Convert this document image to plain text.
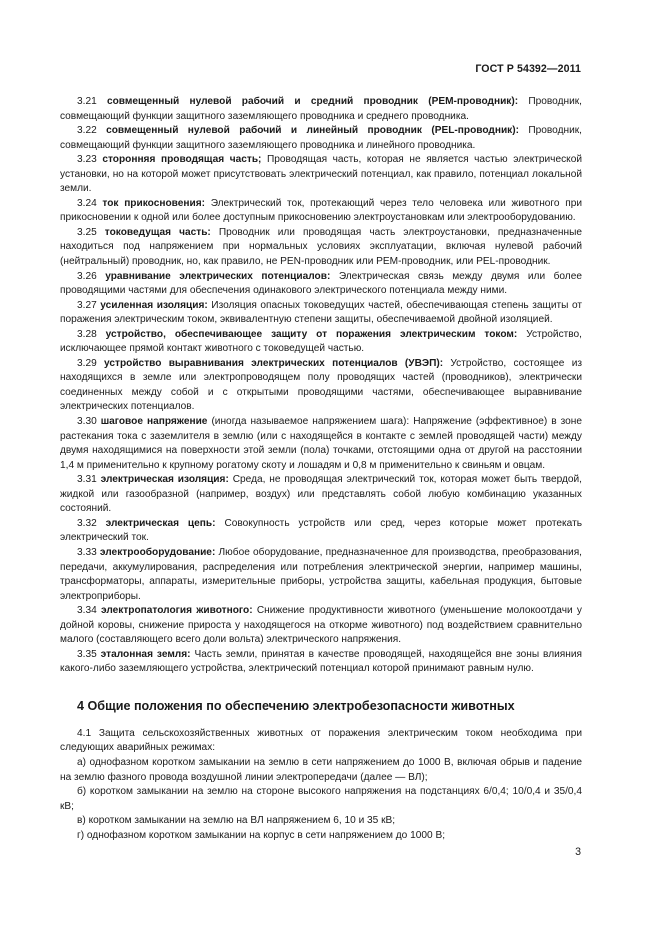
ГОСТ Р 54392—2011

3.21 совмещенный нулевой рабочий и средний проводник (PEM-проводник): Проводник, совмещающий функции защитного заземляющего проводника и среднего проводника.

3.22 совмещенный нулевой рабочий и линейный проводник (PEL-проводник): Проводник, совмещающий функции защитного заземляющего проводника и линейного проводника.

3.23 сторонняя проводящая часть; Проводящая часть, которая не является частью электрической установки, но на которой может присутствовать электрический потенциал, как правило, потенциал локальной земли.

3.24 ток прикосновения: Электрический ток, протекающий через тело человека или животного при прикосновении к одной или более доступным прикосновению электроустановкам или электрооборудованию.

3.25 токоведущая часть: Проводник или проводящая часть электроустановки, предназначенные находиться под напряжением при нормальных условиях эксплуатации, включая нулевой рабочий (нейтральный) проводник, но, как правило, не PEN-проводник или PEM-проводник, или PEL-проводник.

3.26 уравнивание электрических потенциалов: Электрическая связь между двумя или более проводящими частями для обеспечения одинакового электрического потенциала между ними.

3.27 усиленная изоляция: Изоляция опасных токоведущих частей, обеспечивающая степень защиты от поражения электрическим током, эквивалентную степени защиты, обеспечиваемой двойной изоляцией.

3.28 устройство, обеспечивающее защиту от поражения электрическим током: Устройство, исключающее прямой контакт животного с токоведущей частью.

3.29 устройство выравнивания электрических потенциалов (УВЭП): Устройство, состоящее из находящихся в земле или электропроводящем полу проводящих частей (проводников), электрически соединенных между собой и с открытыми проводящими частями, обеспечивающее выравнивание электрических потенциалов.

3.30 шаговое напряжение (иногда называемое напряжением шага): Напряжение (эффективное) в зоне растекания тока с заземлителя в землю (или с находящейся в контакте с землей проводящей части) между двумя находящимися на поверхности этой земли (пола) точками, отстоящими одна от другой на расстоянии 1,4 м применительно к крупному рогатому скоту и лошадям и 0,8 м применительно к свиньям и овцам.

3.31 электрическая изоляция: Среда, не проводящая электрический ток, которая может быть твердой, жидкой или газообразной (например, воздух) или представлять собой любую комбинацию указанных состояний.

3.32 электрическая цепь: Совокупность устройств или сред, через которые может протекать электрический ток.

3.33 электрооборудование: Любое оборудование, предназначенное для производства, преобразования, передачи, аккумулирования, распределения или потребления электрической энергии, например машины, трансформаторы, аппараты, измерительные приборы, устройства защиты, кабельная продукция, бытовые электроприборы.

3.34 электропатология животного: Снижение продуктивности животного (уменьшение молокоотдачи у дойной коровы, снижение прироста у находящегося на откорме животного) под воздействием сравнительно малого (составляющего всего доли вольта) электрического напряжения.

3.35 эталонная земля: Часть земли, принятая в качестве проводящей, находящейся вне зоны влияния какого-либо заземляющего устройства, электрический потенциал которой принимают равным нулю.

4 Общие положения по обеспечению электробезопасности животных

4.1 Защита сельскохозяйственных животных от поражения электрическим током необходима при следующих аварийных режимах:

а) однофазном коротком замыкании на землю в сети напряжением до 1000 В, включая обрыв и падение на землю фазного провода воздушной линии электропередачи (далее — ВЛ);

б) коротком замыкании на землю на стороне высокого напряжения на подстанциях 6/0,4; 10/0,4 и 35/0,4 кВ;

в) коротком замыкании на землю на ВЛ напряжением 6, 10 и 35 кВ;

г) однофазном коротком замыкании на корпус в сети напряжением до 1000 В;

3
